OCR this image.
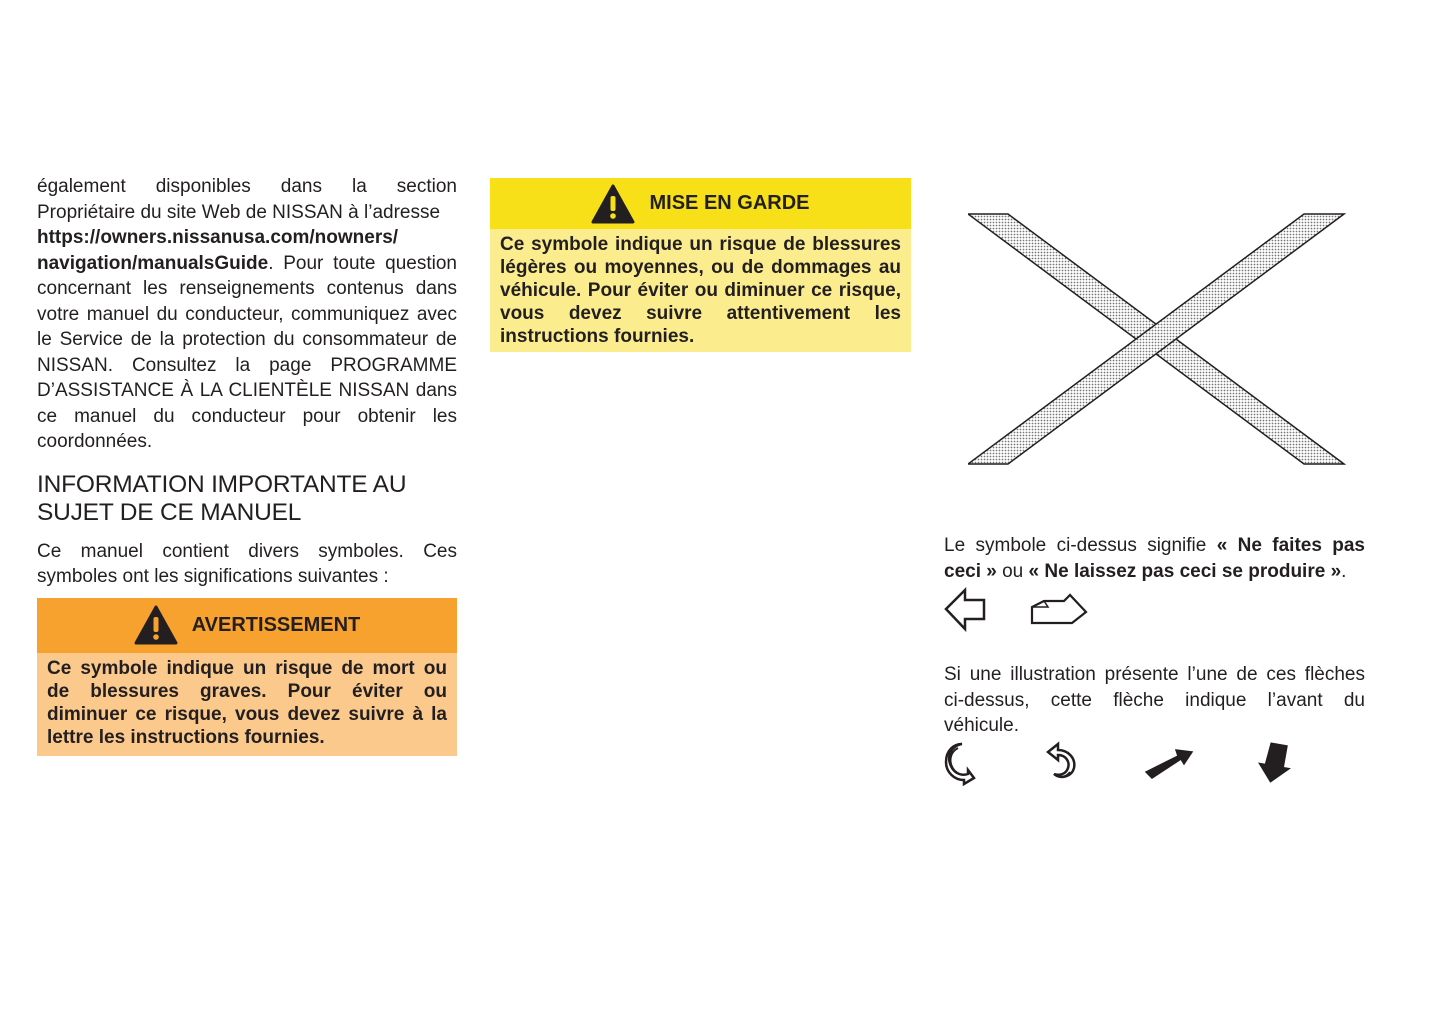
également disponibles dans la section Propriétaire du site Web de NISSAN à l’adresse
https://owners.nissanusa.com/nowners/
navigation/manualsGuide. Pour toute question concernant les renseignements contenus dans votre manuel du conducteur, communiquez avec le Service de la protection du consommateur de NISSAN. Consultez la page PROGRAMME D’ASSISTANCE À LA CLIENTÈLE NISSAN dans ce manuel du conducteur pour obtenir les coordonnées.

INFORMATION IMPORTANTE AU SUJET DE CE MANUEL

Ce manuel contient divers symboles. Ces symboles ont les significations suivantes :

AVERTISSEMENT
Ce symbole indique un risque de mort ou de blessures graves. Pour éviter ou diminuer ce risque, vous devez suivre à la lettre les instructions fournies.
MISE EN GARDE
Ce symbole indique un risque de blessures légères ou moyennes, ou de dommages au véhicule. Pour éviter ou diminuer ce risque, vous devez suivre attentivement les instructions fournies.

Le symbole ci-dessus signifie « Ne faites pas ceci » ou « Ne laissez pas ceci se produire ».

Si une illustration présente l’une de ces flèches ci-dessus, cette flèche indique l’avant du véhicule.
